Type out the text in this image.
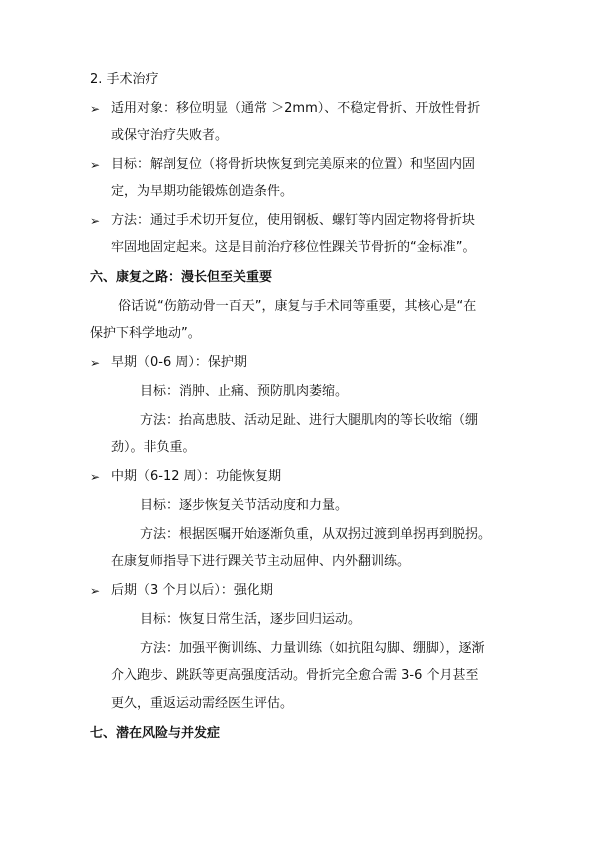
2. 手术治疗
➢ 适用对象：移位明显（通常 ＞2mm）、不稳定骨折、开放性骨折
或保守治疗失败者。
➢ 目标：解剖复位（将骨折块恢复到完美原来的位置）和坚固内固
定，为早期功能锻炼创造条件。
➢ 方法：通过手术切开复位，使用钢板、螺钉等内固定物将骨折块
牢固地固定起来。这是目前治疗移位性踝关节骨折的“金标准”。
六、康复之路：漫长但至关重要
俗话说“伤筋动骨一百天”，康复与手术同等重要，其核心是“在
保护下科学地动”。
➢ 早期（0-6 周）：保护期
目标：消肿、止痛、预防肌肉萎缩。
方法：抬高患肢、活动足趾、进行大腿肌肉的等长收缩（绷
劲）。非负重。
➢ 中期（6-12 周）：功能恢复期
目标：逐步恢复关节活动度和力量。
方法：根据医嘱开始逐渐负重，从双拐过渡到单拐再到脱拐。
在康复师指导下进行踝关节主动屈伸、内外翻训练。
➢ 后期（3 个月以后）：强化期
目标：恢复日常生活，逐步回归运动。
方法：加强平衡训练、力量训练（如抗阻勾脚、绷脚），逐渐
介入跑步、跳跃等更高强度活动。骨折完全愈合需 3-6 个月甚至
更久，重返运动需经医生评估。
七、潜在风险与并发症
